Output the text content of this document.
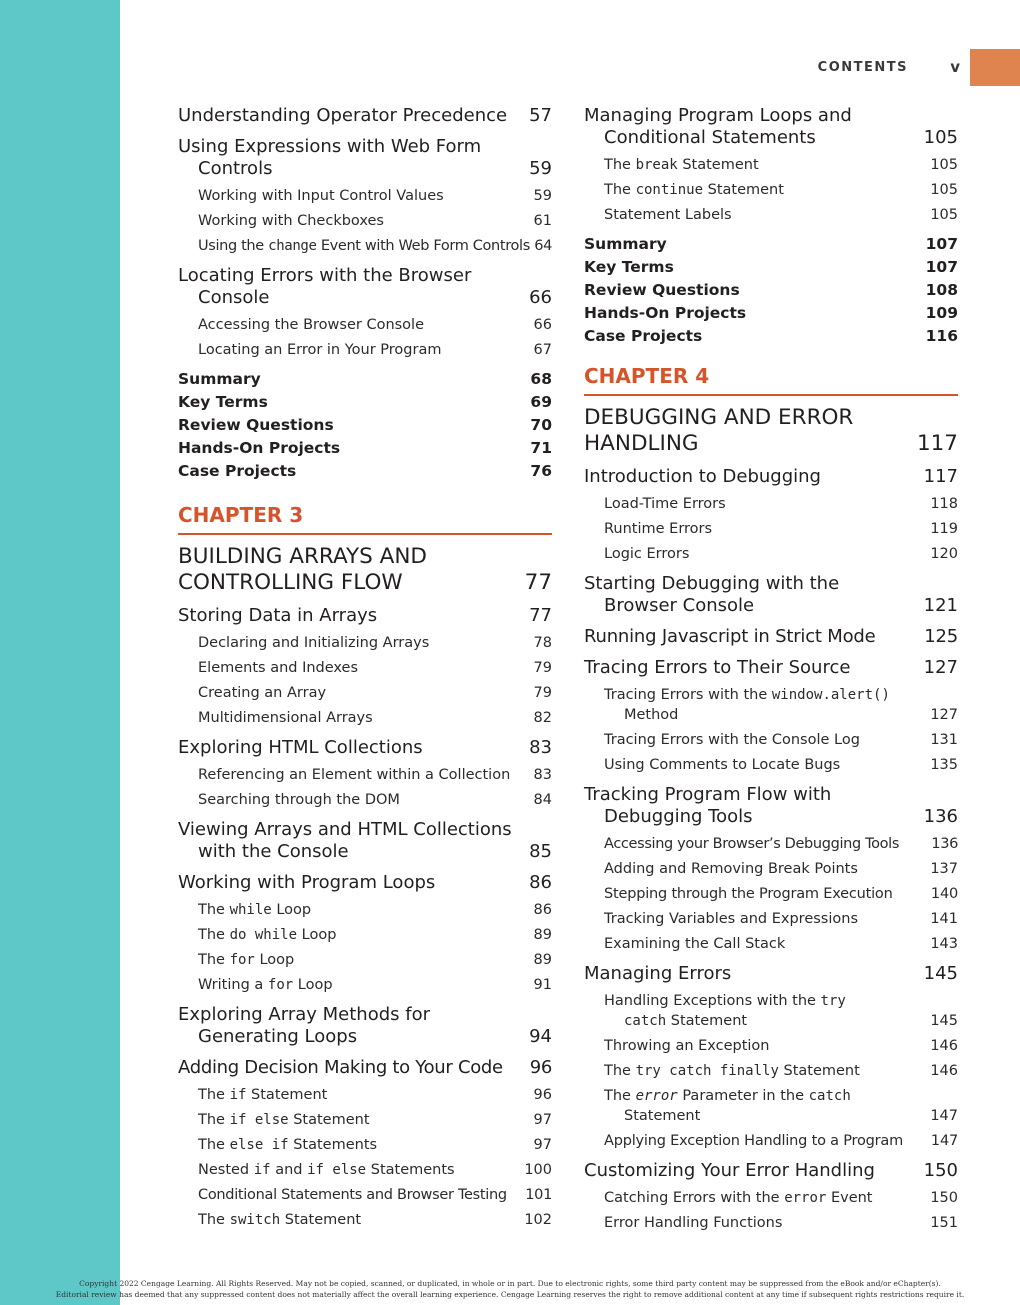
CONTENTS	v
Understanding Operator Precedence	57
Using Expressions with Web Form Controls	59
Working with Input Control Values	59
Working with Checkboxes	61
Using the change Event with Web Form Controls 64
Locating Errors with the Browser Console	66
Accessing the Browser Console	66
Locating an Error in Your Program	67
Summary	68
Key Terms	69
Review Questions	70
Hands-On Projects	71
Case Projects	76
CHAPTER 3
BUILDING ARRAYS AND CONTROLLING FLOW	77
Storing Data in Arrays	77
Declaring and Initializing Arrays	78
Elements and Indexes	79
Creating an Array	79
Multidimensional Arrays	82
Exploring HTML Collections	83
Referencing an Element within a Collection	83
Searching through the DOM	84
Viewing Arrays and HTML Collections with the Console	85
Working with Program Loops	86
The while Loop	86
The do while Loop	89
The for Loop	89
Writing a for Loop	91
Exploring Array Methods for Generating Loops	94
Adding Decision Making to Your Code	96
The if Statement	96
The if else Statement	97
The else if Statements	97
Nested if and if else Statements	100
Conditional Statements and Browser Testing	101
The switch Statement	102
Managing Program Loops and Conditional Statements	105
The break Statement	105
The continue Statement	105
Statement Labels	105
Summary	107
Key Terms	107
Review Questions	108
Hands-On Projects	109
Case Projects	116
CHAPTER 4
DEBUGGING AND ERROR HANDLING	117
Introduction to Debugging	117
Load-Time Errors	118
Runtime Errors	119
Logic Errors	120
Starting Debugging with the Browser Console	121
Running Javascript in Strict Mode	125
Tracing Errors to Their Source	127
Tracing Errors with the window.alert() Method	127
Tracing Errors with the Console Log	131
Using Comments to Locate Bugs	135
Tracking Program Flow with Debugging Tools	136
Accessing your Browser’s Debugging Tools	136
Adding and Removing Break Points	137
Stepping through the Program Execution	140
Tracking Variables and Expressions	141
Examining the Call Stack	143
Managing Errors	145
Handling Exceptions with the try catch Statement	145
Throwing an Exception	146
The try catch finally Statement	146
The error Parameter in the catch Statement	147
Applying Exception Handling to a Program	147
Customizing Your Error Handling	150
Catching Errors with the error Event	150
Error Handling Functions	151
Copyright 2022 Cengage Learning. All Rights Reserved. May not be copied, scanned, or duplicated, in whole or in part. Due to electronic rights, some third party content may be suppressed from the eBook and/or eChapter(s).
Editorial review has deemed that any suppressed content does not materially affect the overall learning experience. Cengage Learning reserves the right to remove additional content at any time if subsequent rights restrictions require it.
